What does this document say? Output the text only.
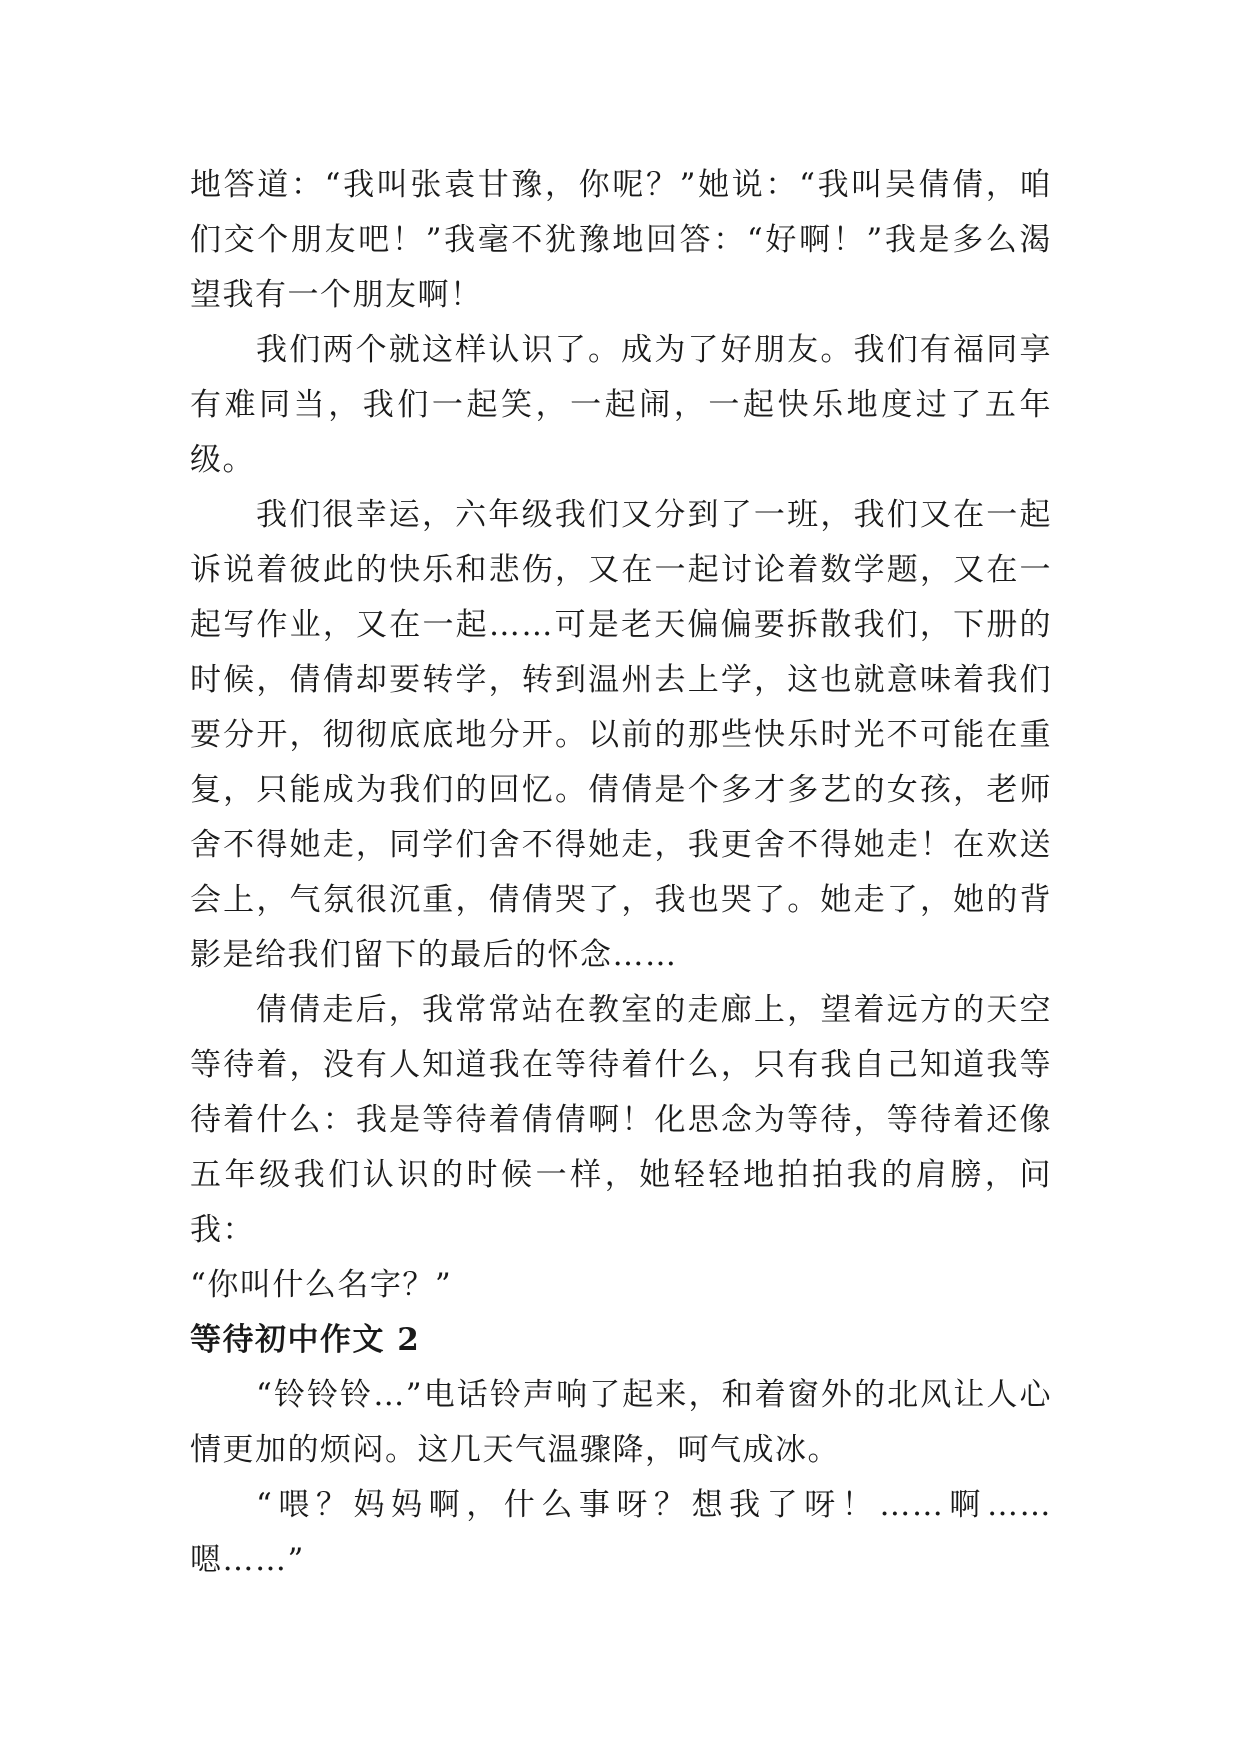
地答道：“我叫张袁甘豫，你呢？”她说：“我叫吴倩倩，咱们交个朋友吧！”我毫不犹豫地回答：“好啊！”我是多么渴望我有一个朋友啊！

我们两个就这样认识了。成为了好朋友。我们有福同享有难同当，我们一起笑，一起闹，一起快乐地度过了五年级。

我们很幸运，六年级我们又分到了一班，我们又在一起诉说着彼此的快乐和悲伤，又在一起讨论着数学题，又在一起写作业，又在一起……可是老天偏偏要拆散我们，下册的时候，倩倩却要转学，转到温州去上学，这也就意味着我们要分开，彻彻底底地分开。以前的那些快乐时光不可能在重复，只能成为我们的回忆。倩倩是个多才多艺的女孩，老师舍不得她走，同学们舍不得她走，我更舍不得她走！在欢送会上，气氛很沉重，倩倩哭了，我也哭了。她走了，她的背影是给我们留下的最后的怀念……

倩倩走后，我常常站在教室的走廊上，望着远方的天空等待着，没有人知道我在等待着什么，只有我自己知道我等待着什么：我是等待着倩倩啊！化思念为等待，等待着还像五年级我们认识的时候一样，她轻轻地拍拍我的肩膀，问我：

“你叫什么名字？”

等待初中作文 2

“铃铃铃…”电话铃声响了起来，和着窗外的北风让人心情更加的烦闷。这几天气温骤降，呵气成冰。

“喂？妈妈啊，什么事呀？想我了呀！……啊……嗯……”
